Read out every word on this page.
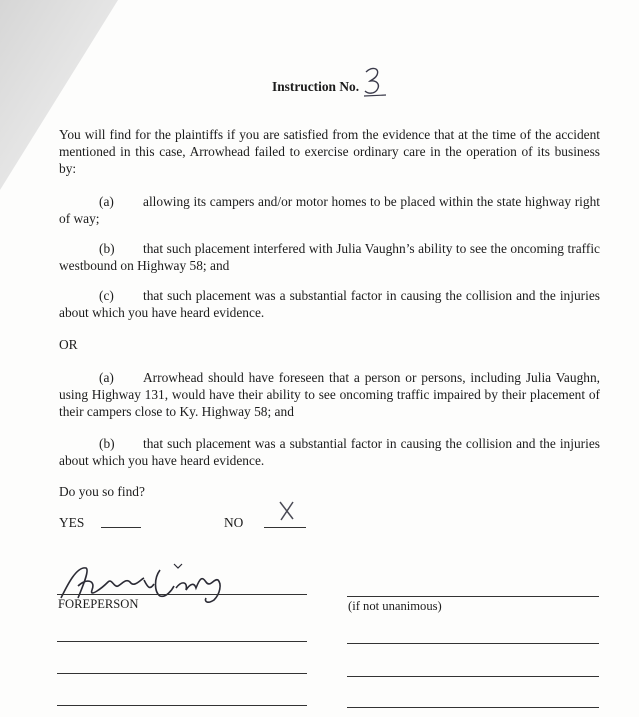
Instruction No.

You will find for the plaintiffs if you are satisfied from the evidence that at the time of the accident mentioned in this case, Arrowhead failed to exercise ordinary care in the operation of its business by:

(a) allowing its campers and/or motor homes to be placed within the state highway right of way;

(b) that such placement interfered with Julia Vaughn’s ability to see the oncoming traffic westbound on Highway 58; and

(c) that such placement was a substantial factor in causing the collision and the injuries about which you have heard evidence.

OR

(a) Arrowhead should have foreseen that a person or persons, including Julia Vaughn, using Highway 131, would have their ability to see oncoming traffic impaired by their placement of their campers close to Ky. Highway 58; and

(b) that such placement was a substantial factor in causing the collision and the injuries about which you have heard evidence.

Do you so find?

YES	NO
FOREPERSON	(if not unanimous)
